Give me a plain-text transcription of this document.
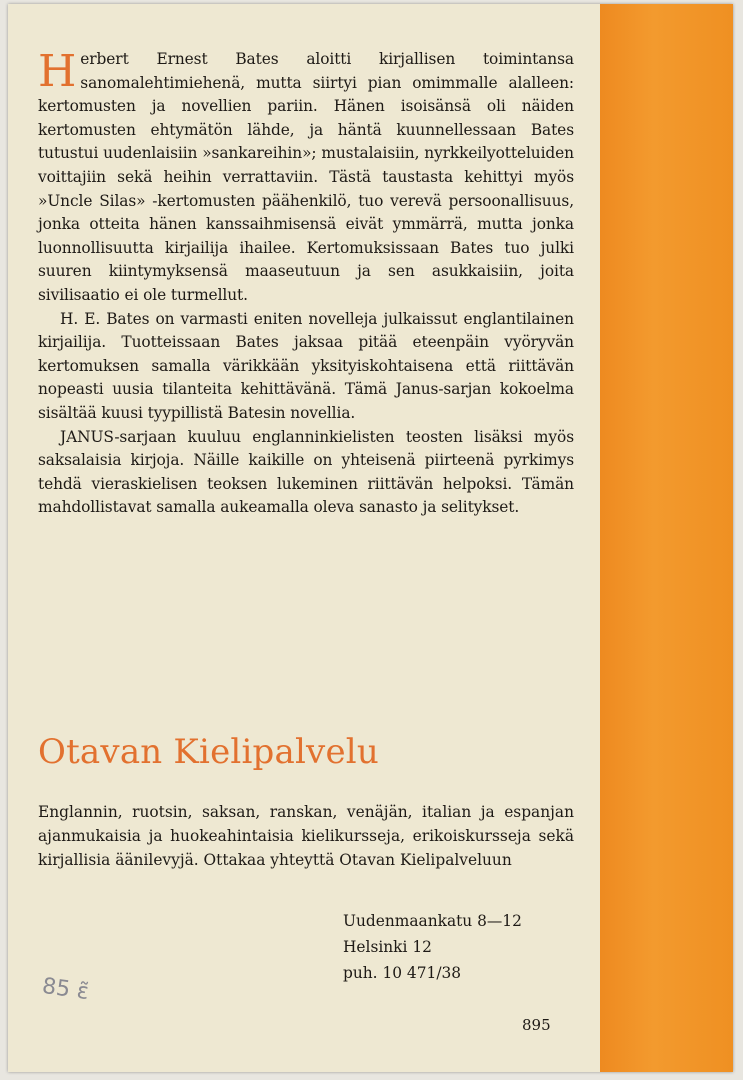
Herbert Ernest Bates aloitti kirjallisen toimintansa sanomalehtimiehenä, mutta siirtyi pian omimmalle alalleen: kertomusten ja novellien pariin. Hänen isoisänsä oli näiden kertomusten ehtymätön lähde, ja häntä kuunnellessaan Bates tutustui uudenlaisiin »sankareihin»; mustalaisiin, nyrkkeilyotteluiden voittajiin sekä heihin verrattaviin. Tästä taustasta kehittyi myös »Uncle Silas» -kertomusten päähenkilö, tuo verevä persoonallisuus, jonka otteita hänen kanssaihmisensä eivät ymmärrä, mutta jonka luonnollisuutta kirjailija ihailee. Kertomuksissaan Bates tuo julki suuren kiintymyksensä maaseutuun ja sen asukkaisiin, joita sivilisaatio ei ole turmellut.

H. E. Bates on varmasti eniten novelleja julkaissut englantilainen kirjailija. Tuotteissaan Bates jaksaa pitää eteenpäin vyöryvän kertomuksen samalla värikkään yksityiskohtaisena että riittävän nopeasti uusia tilanteita kehittävänä. Tämä Janus-sarjan kokoelma sisältää kuusi tyypillistä Batesin novellia.

JANUS-sarjaan kuuluu englanninkielisten teosten lisäksi myös saksalaisia kirjoja. Näille kaikille on yhteisenä piirteenä pyrkimys tehdä vieraskielisen teoksen lukeminen riittävän helpoksi. Tämän mahdollistavat samalla aukeamalla oleva sanasto ja selitykset.

Otavan Kielipalvelu

Englannin, ruotsin, saksan, ranskan, venäjän, italian ja espanjan ajanmukaisia ja huokeahintaisia kielikursseja, erikoiskursseja sekä kirjallisia äänilevyjä. Ottakaa yhteyttä Otavan Kielipalveluun

Uudenmaankatu 8—12
Helsinki 12
puh. 10 471/38
895
85 ε̃
